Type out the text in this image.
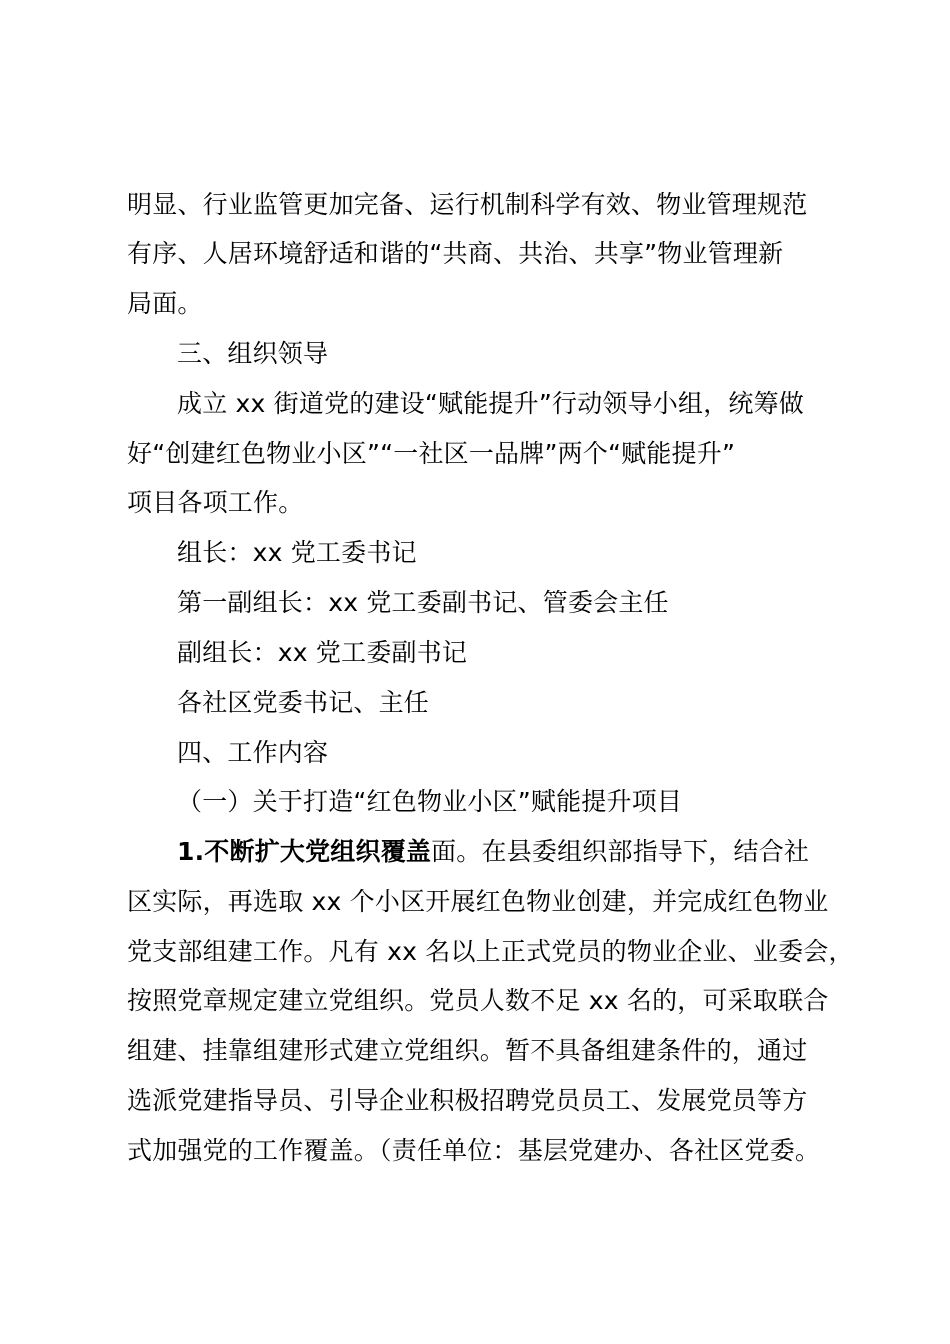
明显、行业监管更加完备、运行机制科学有效、物业管理规范
有序、人居环境舒适和谐的“共商、共治、共享”物业管理新
局面。
三、组织领导
成立 xx 街道党的建设“赋能提升”行动领导小组，统筹做
好“创建红色物业小区”“一社区一品牌”两个“赋能提升”
项目各项工作。
组长：xx 党工委书记
第一副组长：xx 党工委副书记、管委会主任
副组长：xx 党工委副书记
各社区党委书记、主任
四、工作内容
（一）关于打造“红色物业小区”赋能提升项目
1.不断扩大党组织覆盖面。在县委组织部指导下，结合社
区实际，再选取 xx 个小区开展红色物业创建，并完成红色物业
党支部组建工作。凡有 xx 名以上正式党员的物业企业、业委会，
按照党章规定建立党组织。党员人数不足 xx 名的，可采取联合
组建、挂靠组建形式建立党组织。暂不具备组建条件的，通过
选派党建指导员、引导企业积极招聘党员员工、发展党员等方
式加强党的工作覆盖。（责任单位：基层党建办、各社区党委。
